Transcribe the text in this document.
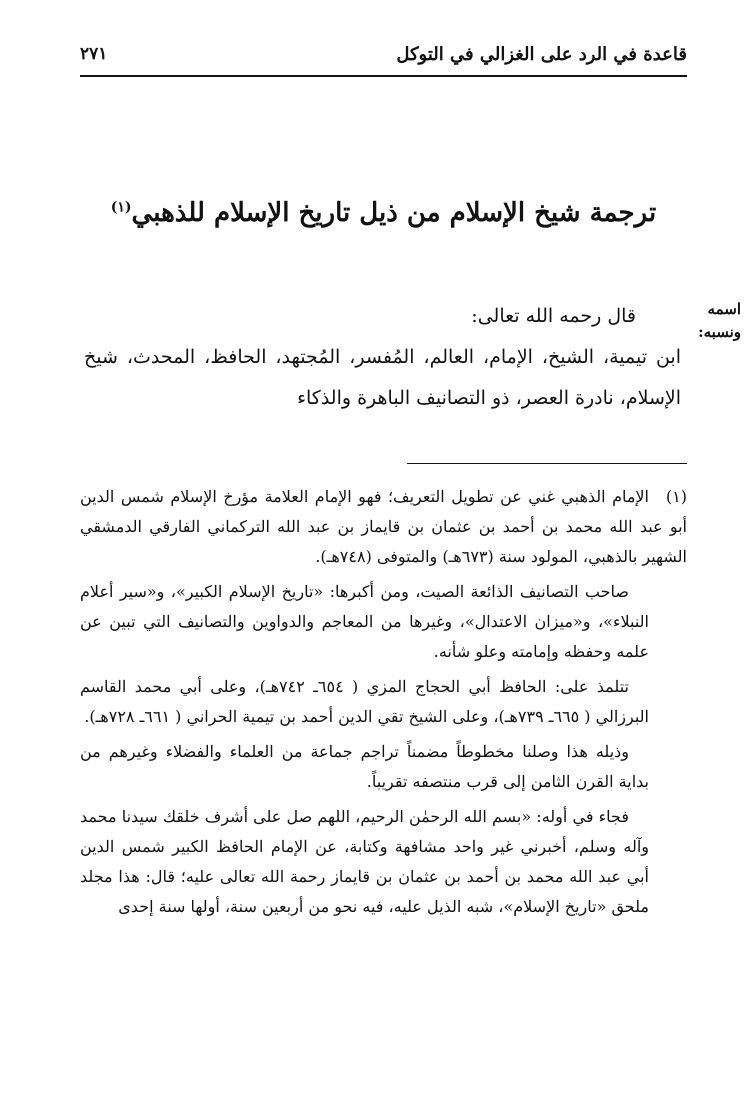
قاعدة في الرد على الغزالي في التوكل
٢٧١
ترجمة شيخ الإسلام من ذيل تاريخ الإسلام للذهبي$^{(١)}$
اسمه
ونسبه:

قال رحمه الله تعالى:

ابن تيمية، الشيخ، الإمام، العالم، المُفسر، المُجتهد، الحافظ، المحدث، شيخ الإسلام، نادرة العصر، ذو التصانيف الباهرة والذكاء

(١)الإمام الذهبي غني عن تطويل التعريف؛ فهو الإمام العلامة مؤرخ الإسلام شمس الدين أبو عبد الله محمد بن أحمد بن عثمان بن قايماز بن عبد الله التركماني الفارقي الدمشقي الشهير بالذهبي، المولود سنة (٦٧٣هـ) والمتوفى (٧٤٨هـ).

صاحب التصانيف الذائعة الصيت، ومن أكبرها: «تاريخ الإسلام الكبير»، و«سير أعلام النبلاء»، و«ميزان الاعتدال»، وغيرها من المعاجم والدواوين والتصانيف التي تبين عن علمه وحفظه وإمامته وعلو شأنه.

تتلمذ على: الحافظ أبي الحجاج المزي ( ٦٥٤ـ ٧٤٢هـ)، وعلى أبي محمد القاسم البرزالي ( ٦٦٥ـ ٧٣٩هـ)، وعلى الشيخ تقي الدين أحمد بن تيمية الحراني ( ٦٦١ـ ٧٢٨هـ).

وذيله هذا وصلنا مخطوطاً مضمناً تراجم جماعة من العلماء والفضلاء وغيرهم من بداية القرن الثامن إلى قرب منتصفه تقريباً.

فجاء في أوله: «بسم الله الرحمٰن الرحيم، اللهم صل على أشرف خلقك سيدنا محمد وآله وسلم، أخبرني غير واحد مشافهة وكتابة، عن الإمام الحافظ الكبير شمس الدين أبي عبد الله محمد بن أحمد بن عثمان بن قايماز رحمة الله تعالى عليه؛ قال: هذا مجلد ملحق «تاريخ الإسلام»، شبه الذيل عليه، فيه نحو من أربعين سنة، أولها سنة إحدى
